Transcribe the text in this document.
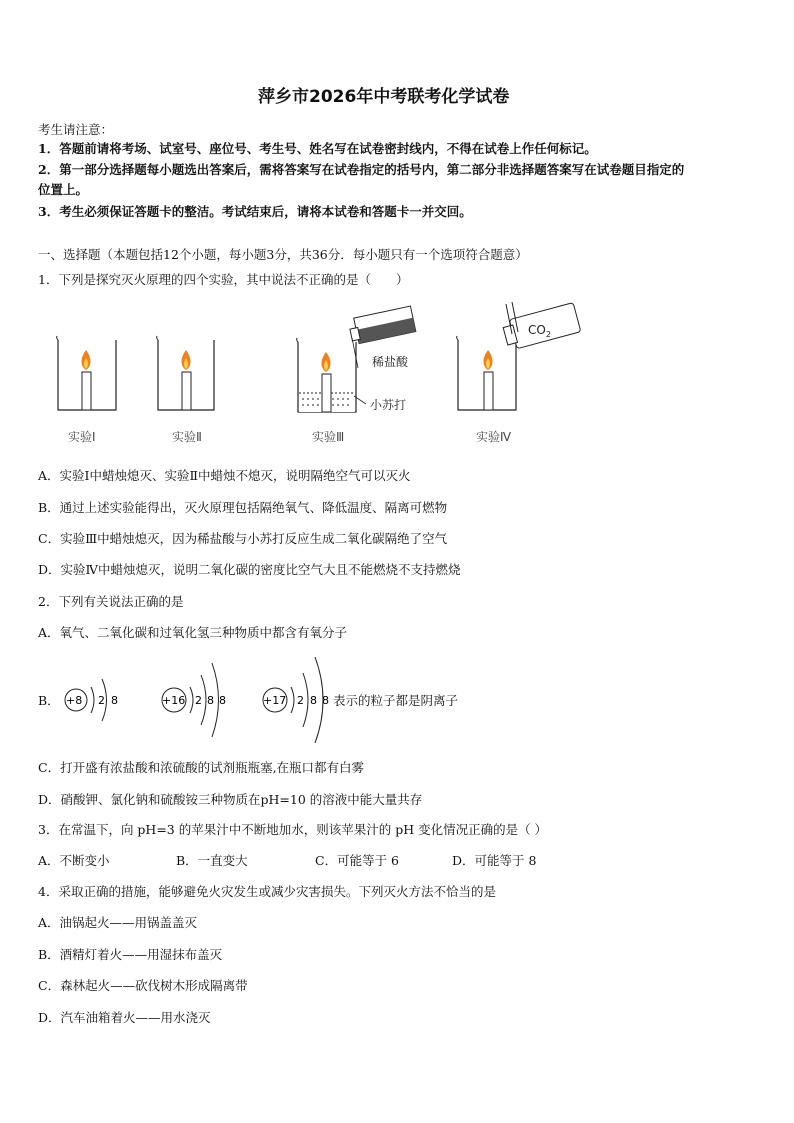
萍乡市2026年中考联考化学试卷
考生请注意：
1．答题前请将考场、试室号、座位号、考生号、姓名写在试卷密封线内，不得在试卷上作任何标记。
2．第一部分选择题每小题选出答案后，需将答案写在试卷指定的括号内，第二部分非选择题答案写在试卷题目指定的
位置上。
3．考生必须保证答题卡的整洁。考试结束后，请将本试卷和答题卡一并交回。
一、选择题（本题包括12个小题，每小题3分，共36分．每小题只有一个选项符合题意）
1．下列是探究灭火原理的四个实验，其中说法不正确的是（　　）
稀盐酸
小苏打
$CO_2$
实验Ⅰ	实验Ⅱ	实验Ⅲ	实验Ⅳ
A．实验Ⅰ中蜡烛熄灭、实验Ⅱ中蜡烛不熄灭，说明隔绝空气可以灭火
B．通过上述实验能得出，灭火原理包括隔绝氧气、降低温度、隔离可燃物
C．实验Ⅲ中蜡烛熄灭，因为稀盐酸与小苏打反应生成二氧化碳隔绝了空气
D．实验Ⅳ中蜡烛熄灭，说明二氧化碳的密度比空气大且不能燃烧不支持燃烧
2．下列有关说法正确的是
A．氧气、二氧化碳和过氧化氢三种物质中都含有氧分子
B． +8 2 8	+16 2 8 8	+17 2 8 8 表示的粒子都是阴离子
C．打开盛有浓盐酸和浓硫酸的试剂瓶瓶塞,在瓶口都有白雾
D．硝酸钾、氯化钠和硫酸铵三种物质在pH=10 的溶液中能大量共存
3．在常温下，向 pH=3 的苹果汁中不断地加水，则该苹果汁的 pH 变化情况正确的是（ ）
A．不断变小	B．一直变大	C．可能等于 6	D．可能等于 8
4．采取正确的措施，能够避免火灾发生或减少灾害损失。下列灭火方法不恰当的是
A．油锅起火——用锅盖盖灭
B．酒精灯着火——用湿抹布盖灭
C．森林起火——砍伐树木形成隔离带
D．汽车油箱着火——用水浇灭
